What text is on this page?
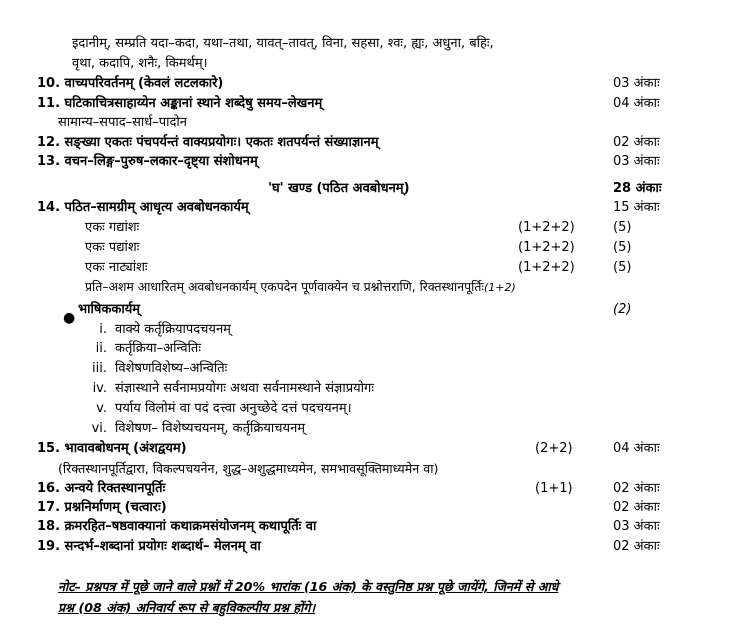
इदानीम्, सम्प्रति यदा–कदा, यथा–तथा, यावत्–तावत्, विना, सहसा, श्वः, ह्यः, अधुना, बहिः,
वृथा, कदापि, शनैः, किमर्थम्।
10. वाच्यपरिवर्तनम् (केवलं लटलकारे)	03 अंकाः
11. घटिकाचित्रसाहाय्येन अङ्कानां स्थाने शब्देषु समय–लेखनम्	04 अंकाः
सामान्य–सपाद–सार्ध–पादोन
12. सङ्ख्या एकतः पंचपर्यन्तं वाक्यप्रयोगः। एकतः शतपर्यन्तं संख्याज्ञानम्	02 अंकाः
13. वचन–लिङ्ग–पुरुष–लकार–दृष्ट्या संशोधनम्	03 अंकाः
'घ' खण्ड (पठित अवबोधनम्)	28 अंकाः
14. पठित–सामग्रीम् आधृत्य अवबोधनकार्यम्	15 अंकाः
एकः गद्यांशः	(1+2+2)	(5)
एकः पद्यांशः	(1+2+2)	(5)
एकः नाट्यांशः	(1+2+2)	(5)
प्रति–अशम आधारितम् अवबोधनकार्यम् एकपदेन पूर्णवाक्येन च प्रश्नोत्तराणि, रिक्तस्थानपूर्तिः(1+2)
●
भाषिककार्यम्	(2)
i. वाक्ये कर्तृक्रियापदचयनम्
ii. कर्तृक्रिया–अन्वितिः
iii. विशेषणविशेष्य–अन्वितिः
iv. संज्ञास्थाने सर्वनामप्रयोगः अथवा सर्वनामस्थाने संज्ञाप्रयोगः
v. पर्याय विलोमं वा पदं दत्त्वा अनुच्छेदे दत्तं पदचयनम्।
vi. विशेषण– विशेष्यचयनम्, कर्तृक्रियाचयनम्
15. भावावबोधनम् (अंशद्वयम)	(2+2)	04 अंकाः
(रिक्तस्थानपूर्तिद्वारा, विकल्पचयनेन, शुद्ध–अशुद्धमाध्यमेन, समभावसूक्तिमाध्यमेन वा)
16. अन्वये रिक्तस्थानपूर्तिः	(1+1)	02 अंकाः
17. प्रश्ननिर्माणम् (चत्वारः)	02 अंकाः
18. क्रमरहित–षष्ठवाक्यानां कथाक्रमसंयोजनम् कथापूर्तिः वा	03 अंकाः
19. सन्दर्भ–शब्दानां प्रयोगः शब्दार्थ– मेलनम् वा	02 अंकाः
नोट– प्रश्नपत्र में पूछे जाने वाले प्रश्नों में 20% भारांक (16 अंक) के वस्तुनिष्ठ प्रश्न पूछे जायेंगे, जिनमें से आधे
प्रश्न (08 अंक) अनिवार्य रूप से बहुविकल्पीय प्रश्न होंगे।
